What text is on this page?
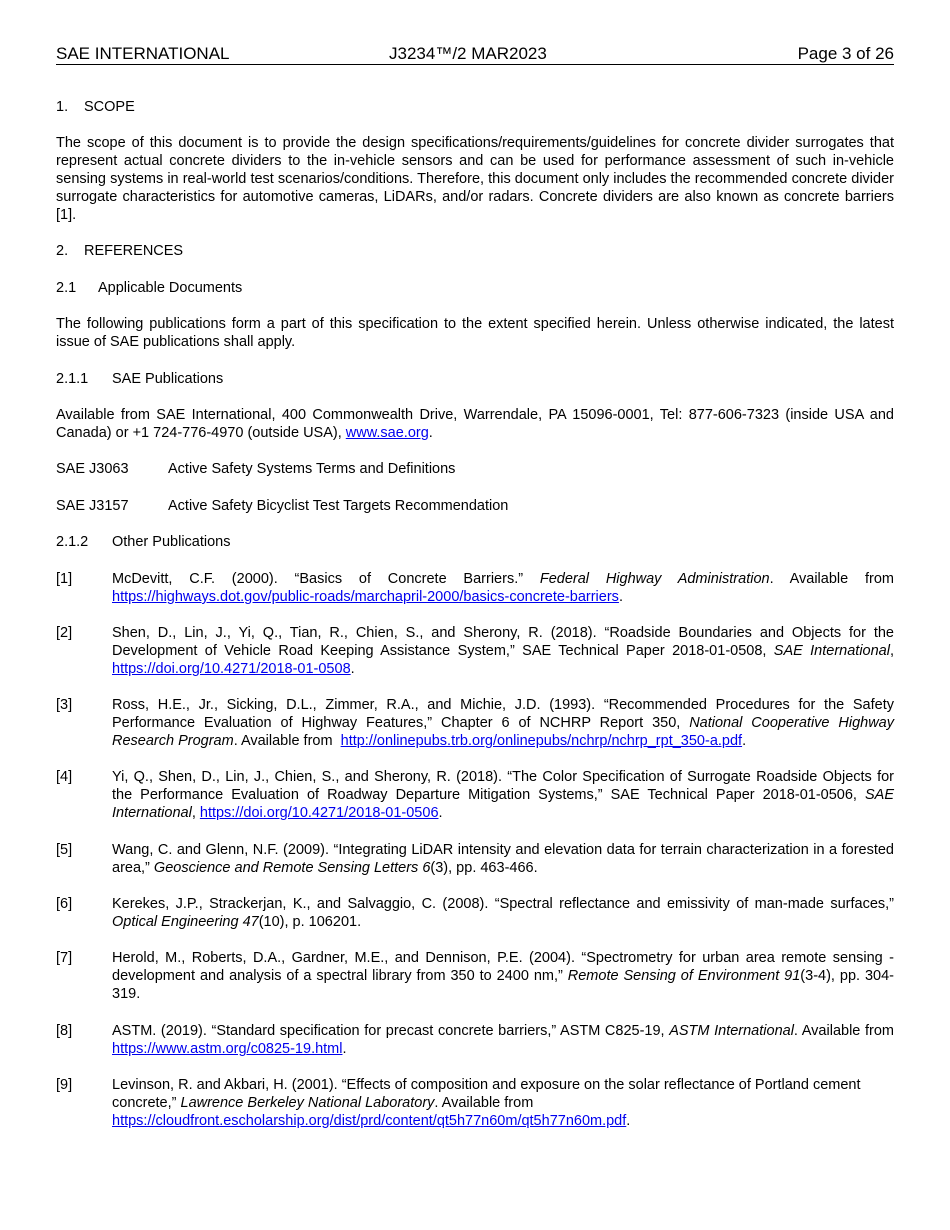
SAE INTERNATIONAL	J3234™/2 MAR2023	Page 3 of 26
1. SCOPE
The scope of this document is to provide the design specifications/requirements/guidelines for concrete divider surrogates that represent actual concrete dividers to the in-vehicle sensors and can be used for performance assessment of such in-vehicle sensing systems in real-world test scenarios/conditions. Therefore, this document only includes the recommended concrete divider surrogate characteristics for automotive cameras, LiDARs, and/or radars. Concrete dividers are also known as concrete barriers [1].
2. REFERENCES
2.1 Applicable Documents
The following publications form a part of this specification to the extent specified herein. Unless otherwise indicated, the latest issue of SAE publications shall apply.
2.1.1 SAE Publications
Available from SAE International, 400 Commonwealth Drive, Warrendale, PA 15096-0001, Tel: 877-606-7323 (inside USA and Canada) or +1 724-776-4970 (outside USA), www.sae.org.
SAE J3063	Active Safety Systems Terms and Definitions
SAE J3157	Active Safety Bicyclist Test Targets Recommendation
2.1.2 Other Publications
[1]	McDevitt, C.F. (2000). “Basics of Concrete Barriers.” Federal Highway Administration. Available from https://highways.dot.gov/public-roads/marchapril-2000/basics-concrete-barriers.
[2]	Shen, D., Lin, J., Yi, Q., Tian, R., Chien, S., and Sherony, R. (2018). “Roadside Boundaries and Objects for the Development of Vehicle Road Keeping Assistance System,” SAE Technical Paper 2018-01-0508, SAE International, https://doi.org/10.4271/2018-01-0508.
[3]	Ross, H.E., Jr., Sicking, D.L., Zimmer, R.A., and Michie, J.D. (1993). “Recommended Procedures for the Safety Performance Evaluation of Highway Features,” Chapter 6 of NCHRP Report 350, National Cooperative Highway Research Program. Available from  http://onlinepubs.trb.org/onlinepubs/nchrp/nchrp_rpt_350-a.pdf.
[4]	Yi, Q., Shen, D., Lin, J., Chien, S., and Sherony, R. (2018). “The Color Specification of Surrogate Roadside Objects for the Performance Evaluation of Roadway Departure Mitigation Systems,” SAE Technical Paper 2018-01-0506, SAE International, https://doi.org/10.4271/2018-01-0506.
[5]	Wang, C. and Glenn, N.F. (2009). “Integrating LiDAR intensity and elevation data for terrain characterization in a forested area,” Geoscience and Remote Sensing Letters 6(3), pp. 463-466.
[6]	Kerekes, J.P., Strackerjan, K., and Salvaggio, C. (2008). “Spectral reflectance and emissivity of man-made surfaces,” Optical Engineering 47(10), p. 106201.
[7]	Herold, M., Roberts, D.A., Gardner, M.E., and Dennison, P.E. (2004). “Spectrometry for urban area remote sensing - development and analysis of a spectral library from 350 to 2400 nm,” Remote Sensing of Environment 91(3-4), pp. 304-319.
[8]	ASTM. (2019). “Standard specification for precast concrete barriers,” ASTM C825-19, ASTM International. Available from https://www.astm.org/c0825-19.html.
[9]	Levinson, R. and Akbari, H. (2001). “Effects of composition and exposure on the solar reflectance of Portland cement concrete,” Lawrence Berkeley National Laboratory. Available from
https://cloudfront.escholarship.org/dist/prd/content/qt5h77n60m/qt5h77n60m.pdf.
